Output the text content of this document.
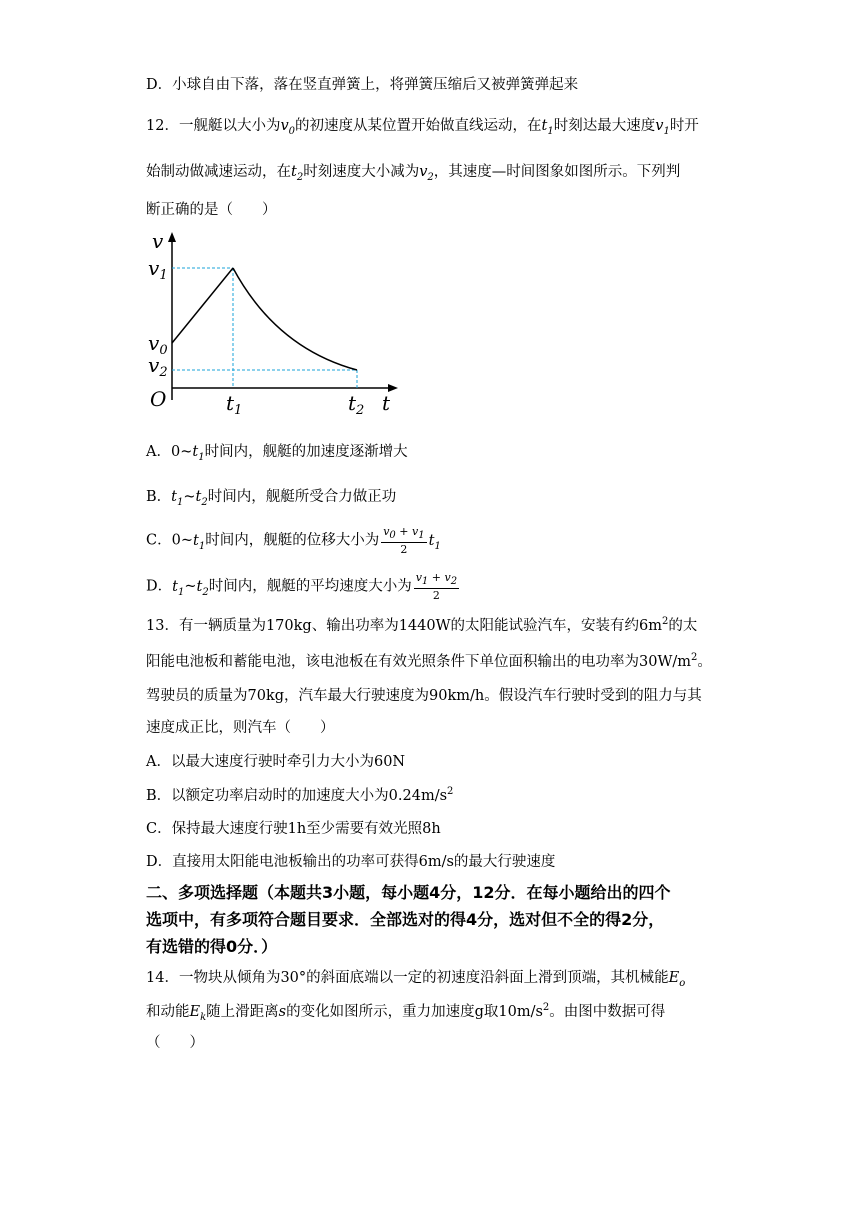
D．小球自由下落，落在竖直弹簧上，将弹簧压缩后又被弹簧弹起来
12．一舰艇以大小为$v_0$的初速度从某位置开始做直线运动，在$t_1$时刻达最大速度$v_1$时开
始制动做减速运动，在$t_2$时刻速度大小减为$v_2$，其速度—时间图象如图所示。下列判
断正确的是（　　）
v
$v_1$
$v_0$
$v_2$
O	$t_1$	$t_2$ t
A．$0\sim t_1$时间内，舰艇的加速度逐渐增大
B．$t_1\sim t_2$时间内，舰艇所受合力做正功
C．$0\sim t_1$时间内，舰艇的位移大小为 $\frac{v_0 + v_1}{2} t_1$
D．$t_1\sim t_2$时间内，舰艇的平均速度大小为 $\frac{v_1 + v_2}{2}$
13．有一辆质量为170kg、输出功率为1440W的太阳能试验汽车，安装有约$6m^2$的太
阳能电池板和蓄能电池，该电池板在有效光照条件下单位面积输出的电功率为$30W/m^2$。
驾驶员的质量为70kg，汽车最大行驶速度为90km/h。假设汽车行驶时受到的阻力与其
速度成正比，则汽车（　　）
A．以最大速度行驶时牵引力大小为60N
B．以额定功率启动时的加速度大小为$0.24m/s^2$
C．保持最大速度行驶1h至少需要有效光照8h
D．直接用太阳能电池板输出的功率可获得6m/s的最大行驶速度
二、多项选择题（本题共3小题，每小题4分，12分．在每小题给出的四个
选项中，有多项符合题目要求．全部选对的得4分，选对但不全的得2分，
有选错的得0分．）
14．一物块从倾角为30°的斜面底端以一定的初速度沿斜面上滑到顶端，其机械能$E_o$
和动能$E_k$随上滑距离s的变化如图所示，重力加速度g取$10m/s^2$。由图中数据可得
（　　）
